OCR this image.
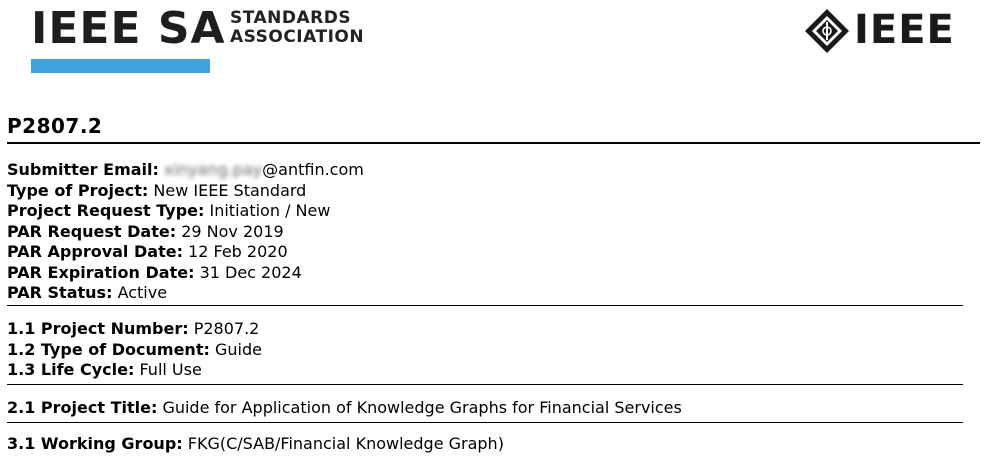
IEEE SA STANDARDS
ASSOCIATION	IEEE
P2807.2
Submitter Email: xinyang.pay@antfin.com
Type of Project: New IEEE Standard
Project Request Type: Initiation / New
PAR Request Date: 29 Nov 2019
PAR Approval Date: 12 Feb 2020
PAR Expiration Date: 31 Dec 2024
PAR Status: Active
1.1 Project Number: P2807.2
1.2 Type of Document: Guide
1.3 Life Cycle: Full Use
2.1 Project Title: Guide for Application of Knowledge Graphs for Financial Services
3.1 Working Group: FKG(C/SAB/Financial Knowledge Graph)
